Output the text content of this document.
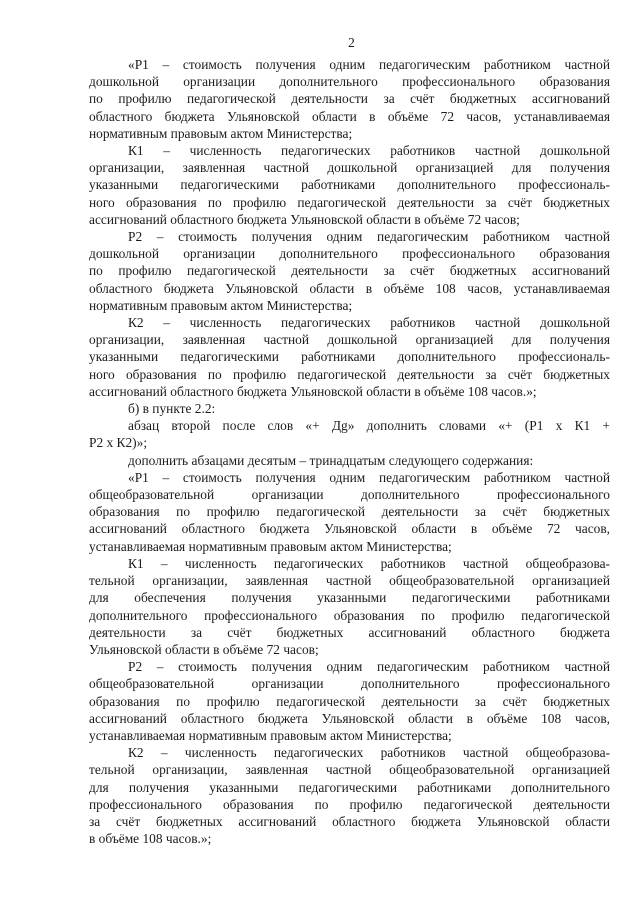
2
«Р1 – стоимость получения одним педагогическим работником частной
дошкольной организации дополнительного профессионального образования
по профилю педагогической деятельности за счёт бюджетных ассигнований
областного бюджета Ульяновской области в объёме 72 часов, устанавливаемая
нормативным правовым актом Министерства;
К1 – численность педагогических работников частной дошкольной
организации, заявленная частной дошкольной организацией для получения
указанными педагогическими работниками дополнительного профессиональ-
ного образования по профилю педагогической деятельности за счёт бюджетных
ассигнований областного бюджета Ульяновской области в объёме 72 часов;
Р2 – стоимость получения одним педагогическим работником частной
дошкольной организации дополнительного профессионального образования
по профилю педагогической деятельности за счёт бюджетных ассигнований
областного бюджета Ульяновской области в объёме 108 часов, устанавливаемая
нормативным правовым актом Министерства;
К2 – численность педагогических работников частной дошкольной
организации, заявленная частной дошкольной организацией для получения
указанными педагогическими работниками дополнительного профессиональ-
ного образования по профилю педагогической деятельности за счёт бюджетных
ассигнований областного бюджета Ульяновской области в объёме 108 часов.»;
б) в пункте 2.2:
абзац второй после слов «+ Дg» дополнить словами «+ (Р1 x К1 +
Р2 x К2)»;
дополнить абзацами десятым – тринадцатым следующего содержания:
«Р1 – стоимость получения одним педагогическим работником частной
общеобразовательной организации дополнительного профессионального
образования по профилю педагогической деятельности за счёт бюджетных
ассигнований областного бюджета Ульяновской области в объёме 72 часов,
устанавливаемая нормативным правовым актом Министерства;
К1 – численность педагогических работников частной общеобразова-
тельной организации, заявленная частной общеобразовательной организацией
для обеспечения получения указанными педагогическими работниками
дополнительного профессионального образования по профилю педагогической
деятельности за счёт бюджетных ассигнований областного бюджета
Ульяновской области в объёме 72 часов;
Р2 – стоимость получения одним педагогическим работником частной
общеобразовательной организации дополнительного профессионального
образования по профилю педагогической деятельности за счёт бюджетных
ассигнований областного бюджета Ульяновской области в объёме 108 часов,
устанавливаемая нормативным правовым актом Министерства;
К2 – численность педагогических работников частной общеобразова-
тельной организации, заявленная частной общеобразовательной организацией
для получения указанными педагогическими работниками дополнительного
профессионального образования по профилю педагогической деятельности
за счёт бюджетных ассигнований областного бюджета Ульяновской области
в объёме 108 часов.»;
